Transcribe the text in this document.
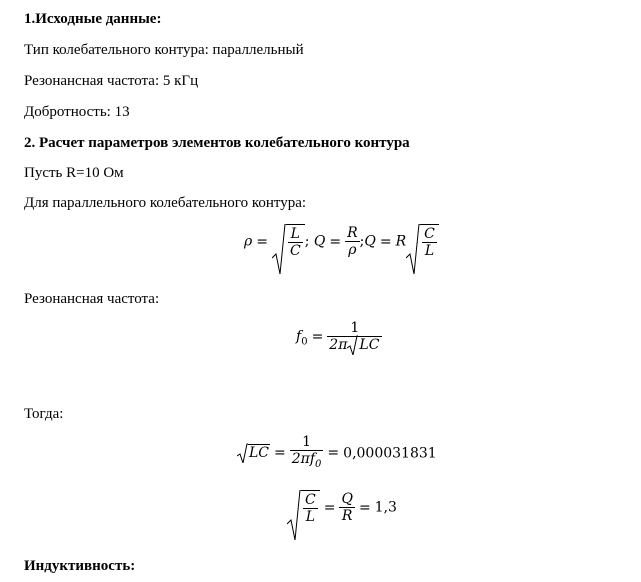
1.Исходные данные:
Тип колебательного контура: параллельный
Резонансная частота: 5 кГц
Добротность: 13
2. Расчет параметров элементов колебательного контура
Пусть R=10 Ом
Для параллельного колебательного контура:
$\rho = \frac{L}{C}$ ; $Q = \frac{R}{\rho}$ ;Q = R $\frac{C}{L}$
Резонансная частота:
$f_0 = \frac{1}{\text{2π LC}}$
Тогда:
LC = $\frac{1}{2\pi f_0} = 0,000031831$
$\frac{C}{L} = \frac{Q}{R} = 1,3$
Индуктивность:
